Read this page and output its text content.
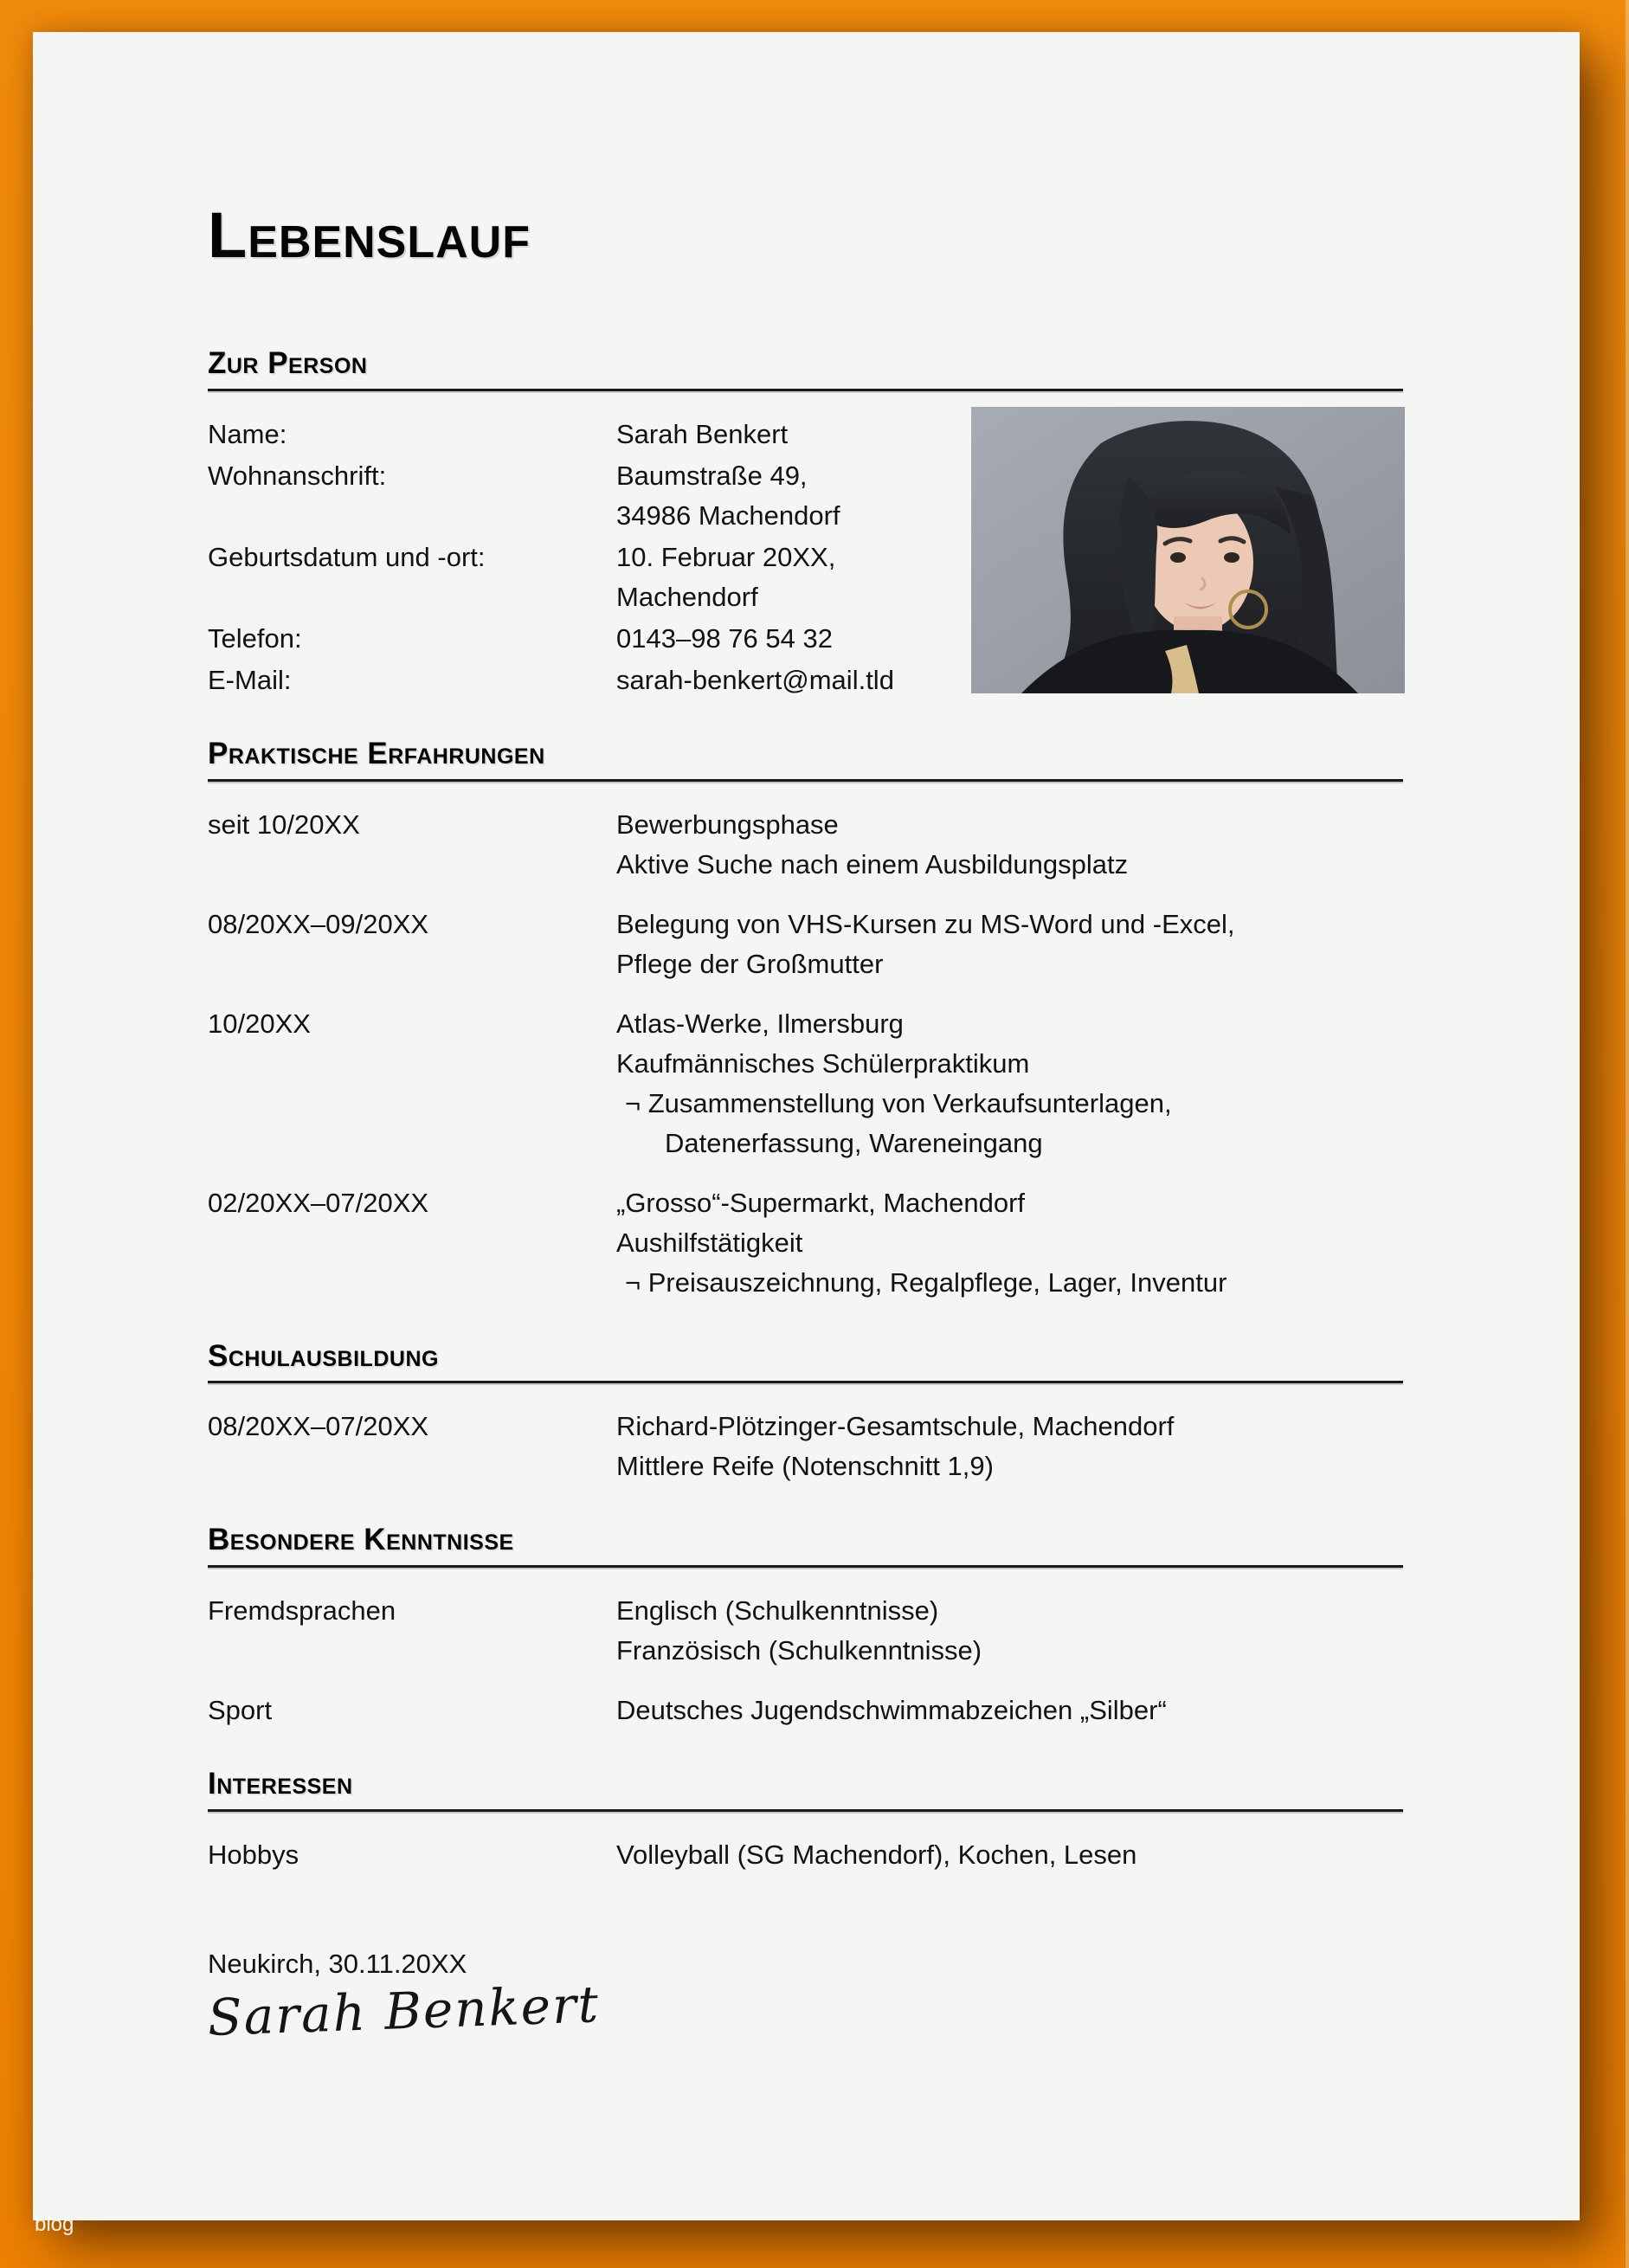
Lebenslauf
Zur Person
Name:	Sarah Benkert
Wohnanschrift:	Baumstraße 49,
34986 Machendorf
Geburtsdatum und -ort:	10. Februar 20XX,
Machendorf
Telefon:	0143–98 76 54 32
E-Mail:	sarah-benkert@mail.tld
Praktische Erfahrungen
seit 10/20XX	Bewerbungsphase
Aktive Suche nach einem Ausbildungsplatz
08/20XX–09/20XX	Belegung von VHS-Kursen zu MS-Word und -Excel,
Pflege der Großmutter
10/20XX	Atlas-Werke, Ilmersburg
Kaufmännisches Schülerpraktikum
¬ Zusammenstellung von Verkaufsunterlagen,
Datenerfassung, Wareneingang
02/20XX–07/20XX	„Grosso“-Supermarkt, Machendorf
Aushilfstätigkeit
¬ Preisauszeichnung, Regalpflege, Lager, Inventur
Schulausbildung
08/20XX–07/20XX	Richard-Plötzinger-Gesamtschule, Machendorf
Mittlere Reife (Notenschnitt 1,9)
Besondere Kenntnisse
Fremdsprachen	Englisch (Schulkenntnisse)
Französisch (Schulkenntnisse)
Sport	Deutsches Jugendschwimmabzeichen „Silber“
Interessen
Hobbys	Volleyball (SG Machendorf), Kochen, Lesen
Neukirch, 30.11.20XX
Sarah Benkert
blog
